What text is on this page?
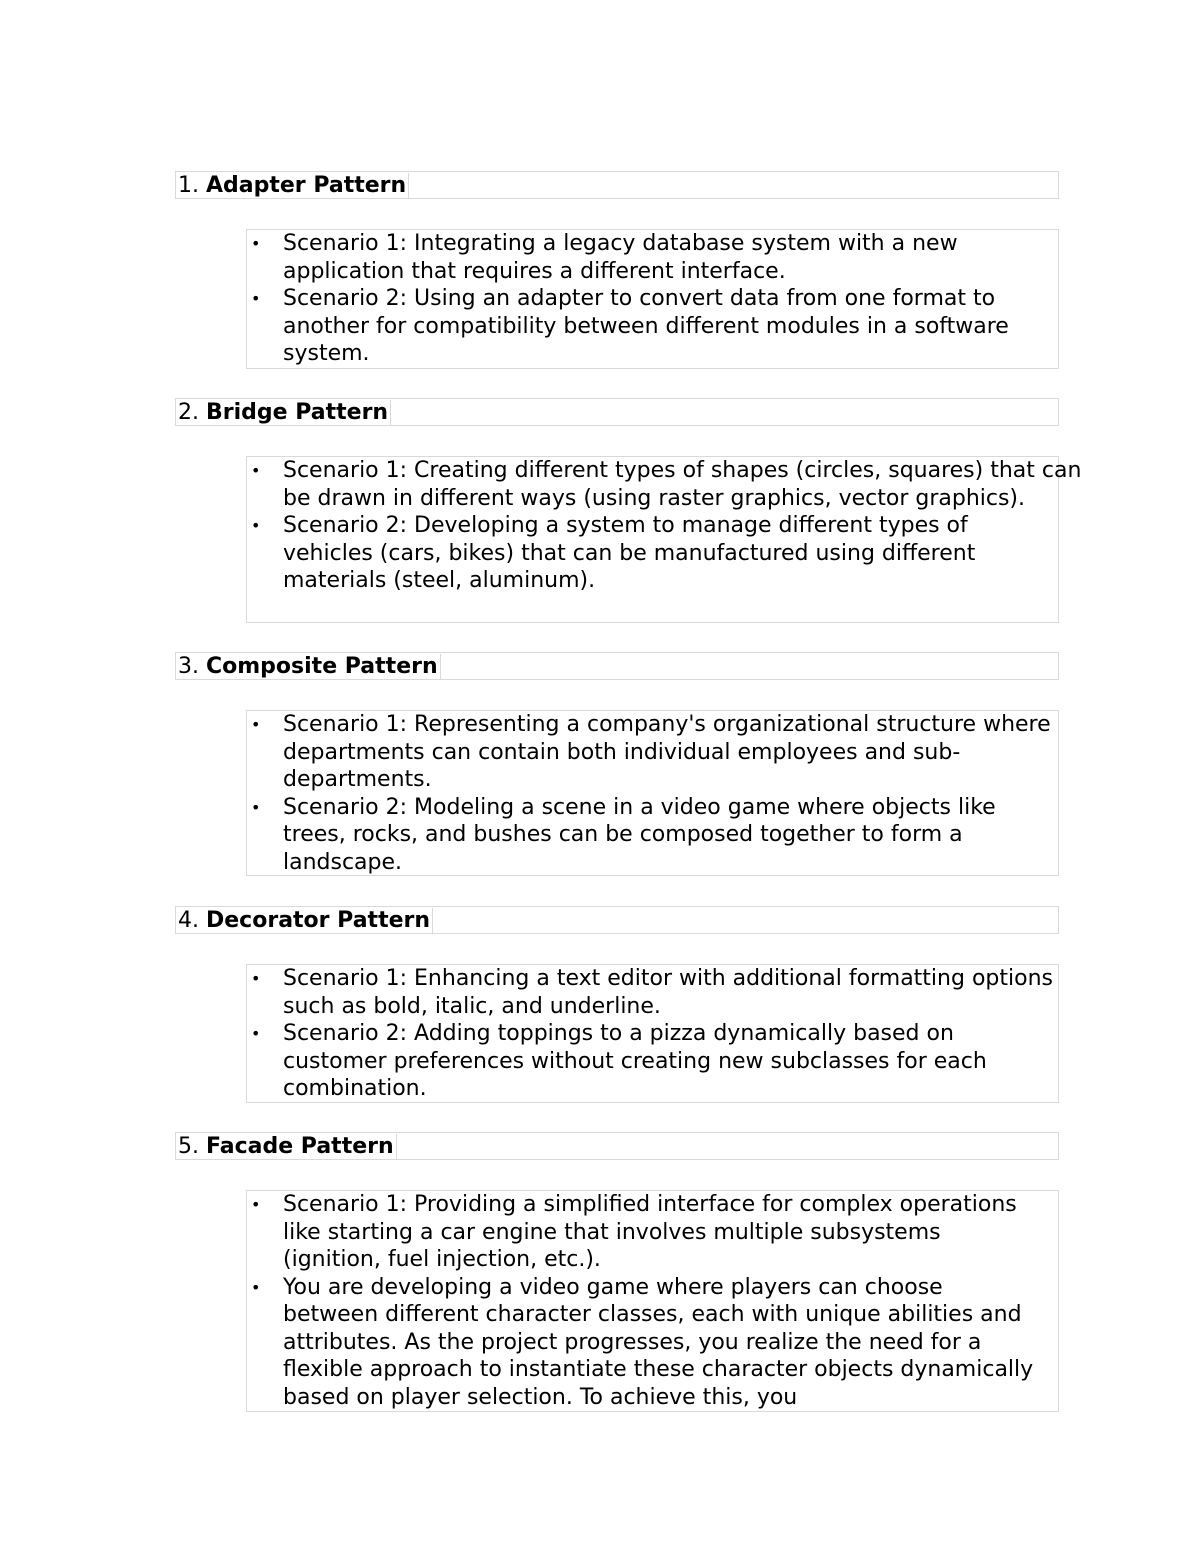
1. Adapter Pattern
• Scenario 1: Integrating a legacy database system with a new application that requires a different interface.
• Scenario 2: Using an adapter to convert data from one format to another for compatibility between different modules in a software system.
2. Bridge Pattern
• Scenario 1: Creating different types of shapes (circles, squares) that can be drawn in different ways (using raster graphics, vector graphics).
• Scenario 2: Developing a system to manage different types of vehicles (cars, bikes) that can be manufactured using different materials (steel, aluminum).
3. Composite Pattern
• Scenario 1: Representing a company's organizational structure where departments can contain both individual employees and sub-departments.
• Scenario 2: Modeling a scene in a video game where objects like trees, rocks, and bushes can be composed together to form a landscape.
4. Decorator Pattern
• Scenario 1: Enhancing a text editor with additional formatting options such as bold, italic, and underline.
• Scenario 2: Adding toppings to a pizza dynamically based on customer preferences without creating new subclasses for each combination.
5. Facade Pattern
• Scenario 1: Providing a simplified interface for complex operations like starting a car engine that involves multiple subsystems (ignition, fuel injection, etc.).
• You are developing a video game where players can choose between different character classes, each with unique abilities and attributes. As the project progresses, you realize the need for a flexible approach to instantiate these character objects dynamically based on player selection. To achieve this, you
